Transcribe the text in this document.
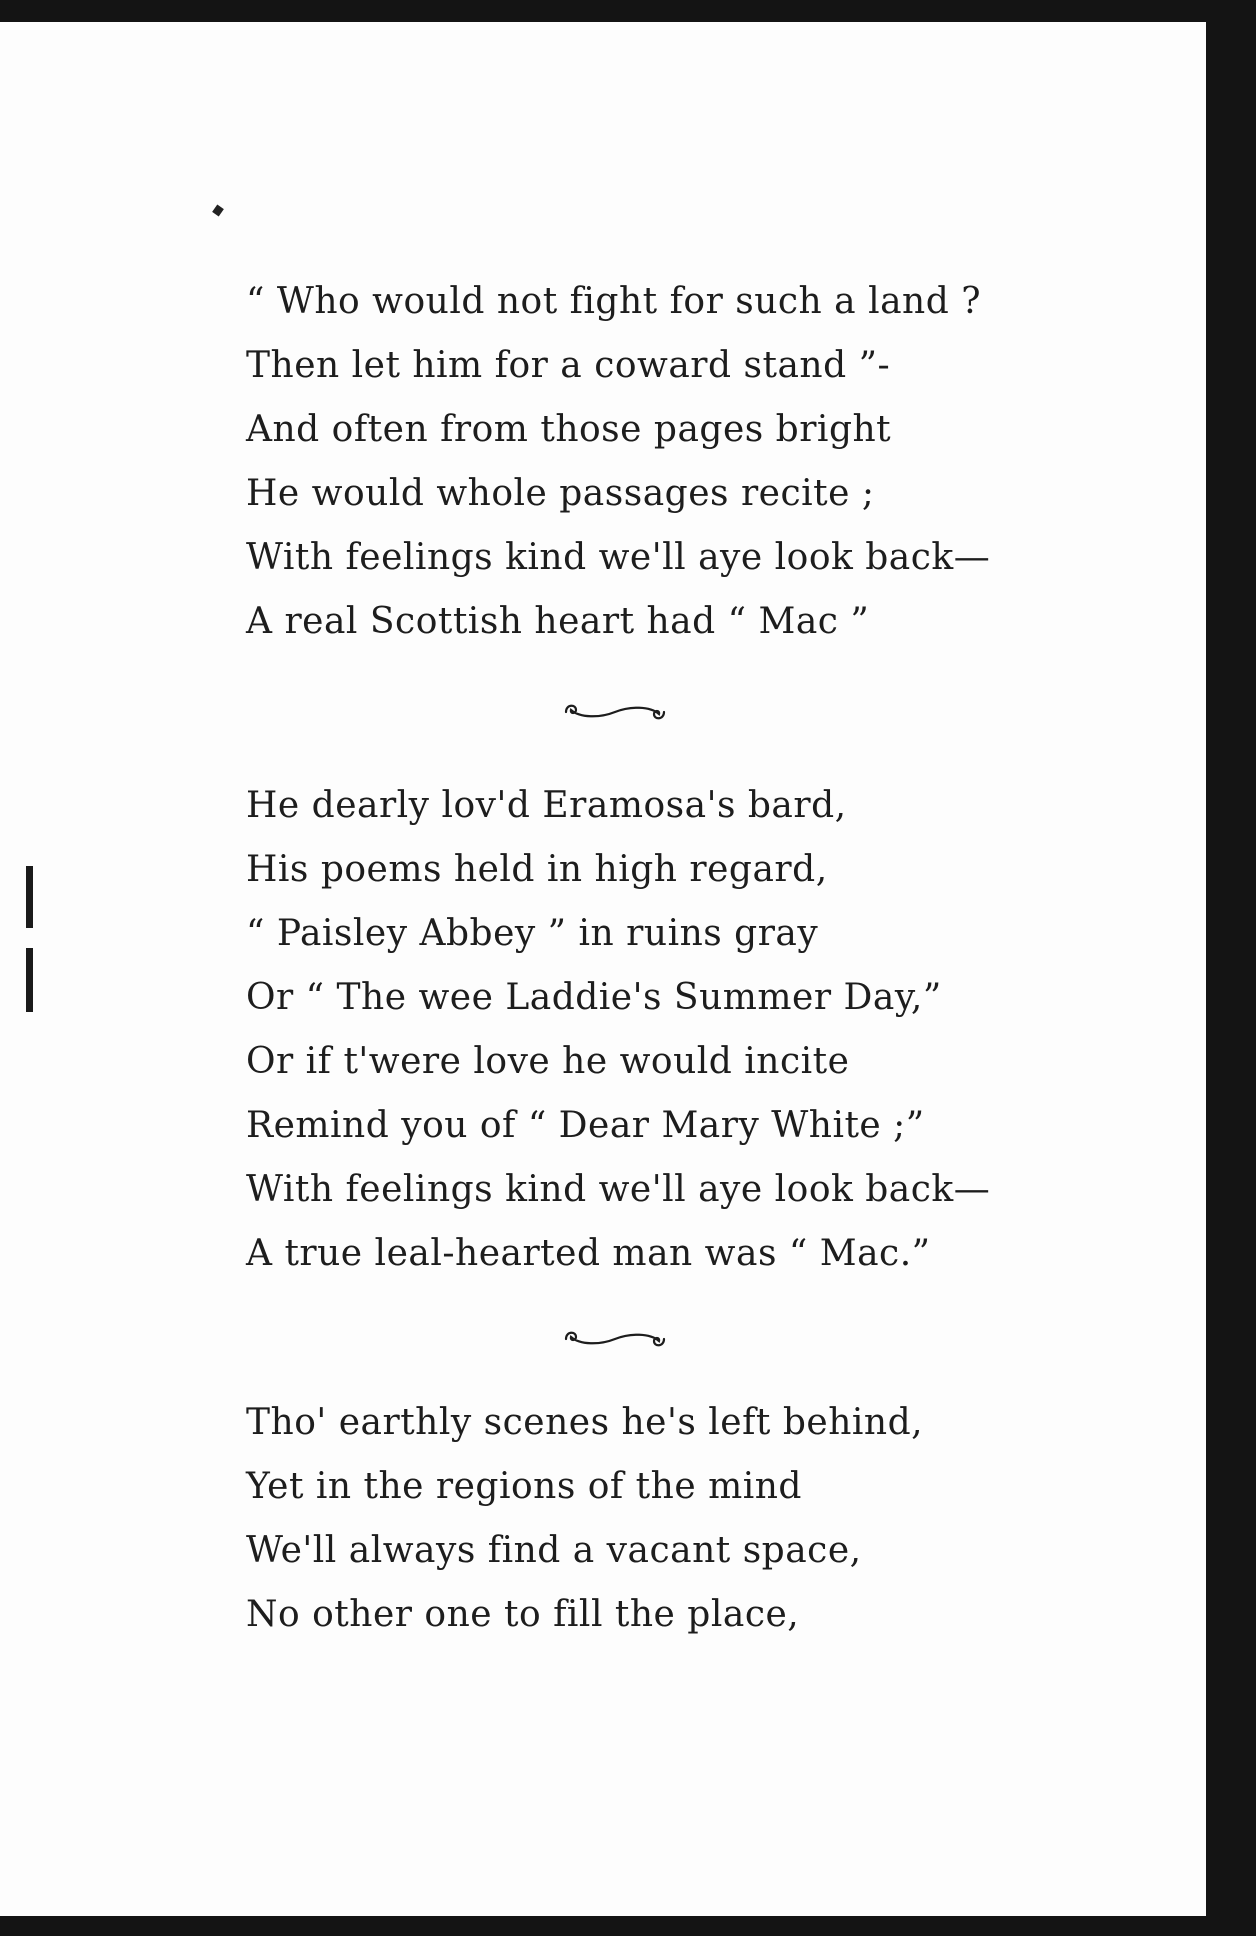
“ Who would not fight for such a land ?
Then let him for a coward stand ”-
And often from those pages bright
He would whole passages recite ;
With feelings kind we'll aye look back—
A real Scottish heart had “ Mac ”
He dearly lov'd Eramosa's bard,
His poems held in high regard,
“ Paisley Abbey ” in ruins gray
Or “ The wee Laddie's Summer Day,”
Or if t'were love he would incite
Remind you of “ Dear Mary White ;”
With feelings kind we'll aye look back—
A true leal-hearted man was “ Mac.”
Tho' earthly scenes he's left behind,
Yet in the regions of the mind
We'll always find a vacant space,
No other one to fill the place,
